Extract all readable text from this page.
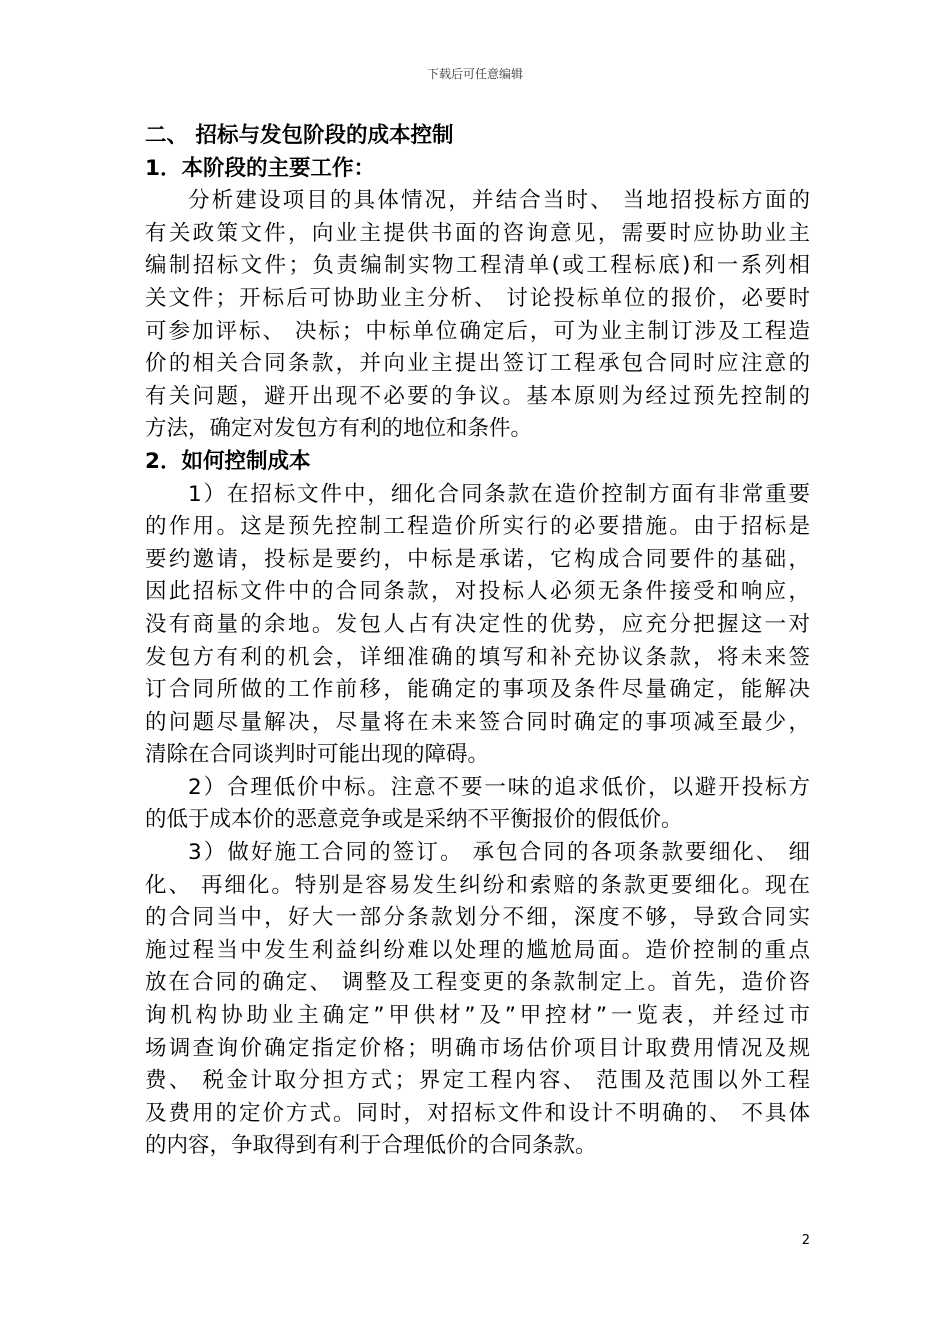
下载后可任意编辑
二、 招标与发包阶段的成本控制
1．本阶段的主要工作：
分析建设项目的具体情况，并结合当时、 当地招投标方面的
有关政策文件，向业主提供书面的咨询意见，需要时应协助业主
编制招标文件；负责编制实物工程清单(或工程标底)和一系列相
关文件；开标后可协助业主分析、 讨论投标单位的报价，必要时
可参加评标、 决标；中标单位确定后，可为业主制订涉及工程造
价的相关合同条款，并向业主提出签订工程承包合同时应注意的
有关问题，避开出现不必要的争议。基本原则为经过预先控制的
方法，确定对发包方有利的地位和条件。
2．如何控制成本
1）在招标文件中，细化合同条款在造价控制方面有非常重要
的作用。这是预先控制工程造价所实行的必要措施。由于招标是
要约邀请，投标是要约，中标是承诺，它构成合同要件的基础，
因此招标文件中的合同条款，对投标人必须无条件接受和响应，
没有商量的余地。发包人占有决定性的优势，应充分把握这一对
发包方有利的机会，详细准确的填写和补充协议条款，将未来签
订合同所做的工作前移，能确定的事项及条件尽量确定，能解决
的问题尽量解决，尽量将在未来签合同时确定的事项减至最少，
清除在合同谈判时可能出现的障碍。
2）合理低价中标。注意不要一味的追求低价，以避开投标方
的低于成本价的恶意竞争或是采纳不平衡报价的假低价。
3）做好施工合同的签订。 承包合同的各项条款要细化、 细
化、 再细化。特别是容易发生纠纷和索赔的条款更要细化。现在
的合同当中，好大一部分条款划分不细，深度不够，导致合同实
施过程当中发生利益纠纷难以处理的尴尬局面。造价控制的重点
放在合同的确定、 调整及工程变更的条款制定上。首先，造价咨
询机构协助业主确定”甲供材”及”甲控材”一览表，并经过市
场调查询价确定指定价格；明确市场估价项目计取费用情况及规
费、 税金计取分担方式；界定工程内容、 范围及范围以外工程
及费用的定价方式。同时，对招标文件和设计不明确的、 不具体
的内容，争取得到有利于合理低价的合同条款。
2
